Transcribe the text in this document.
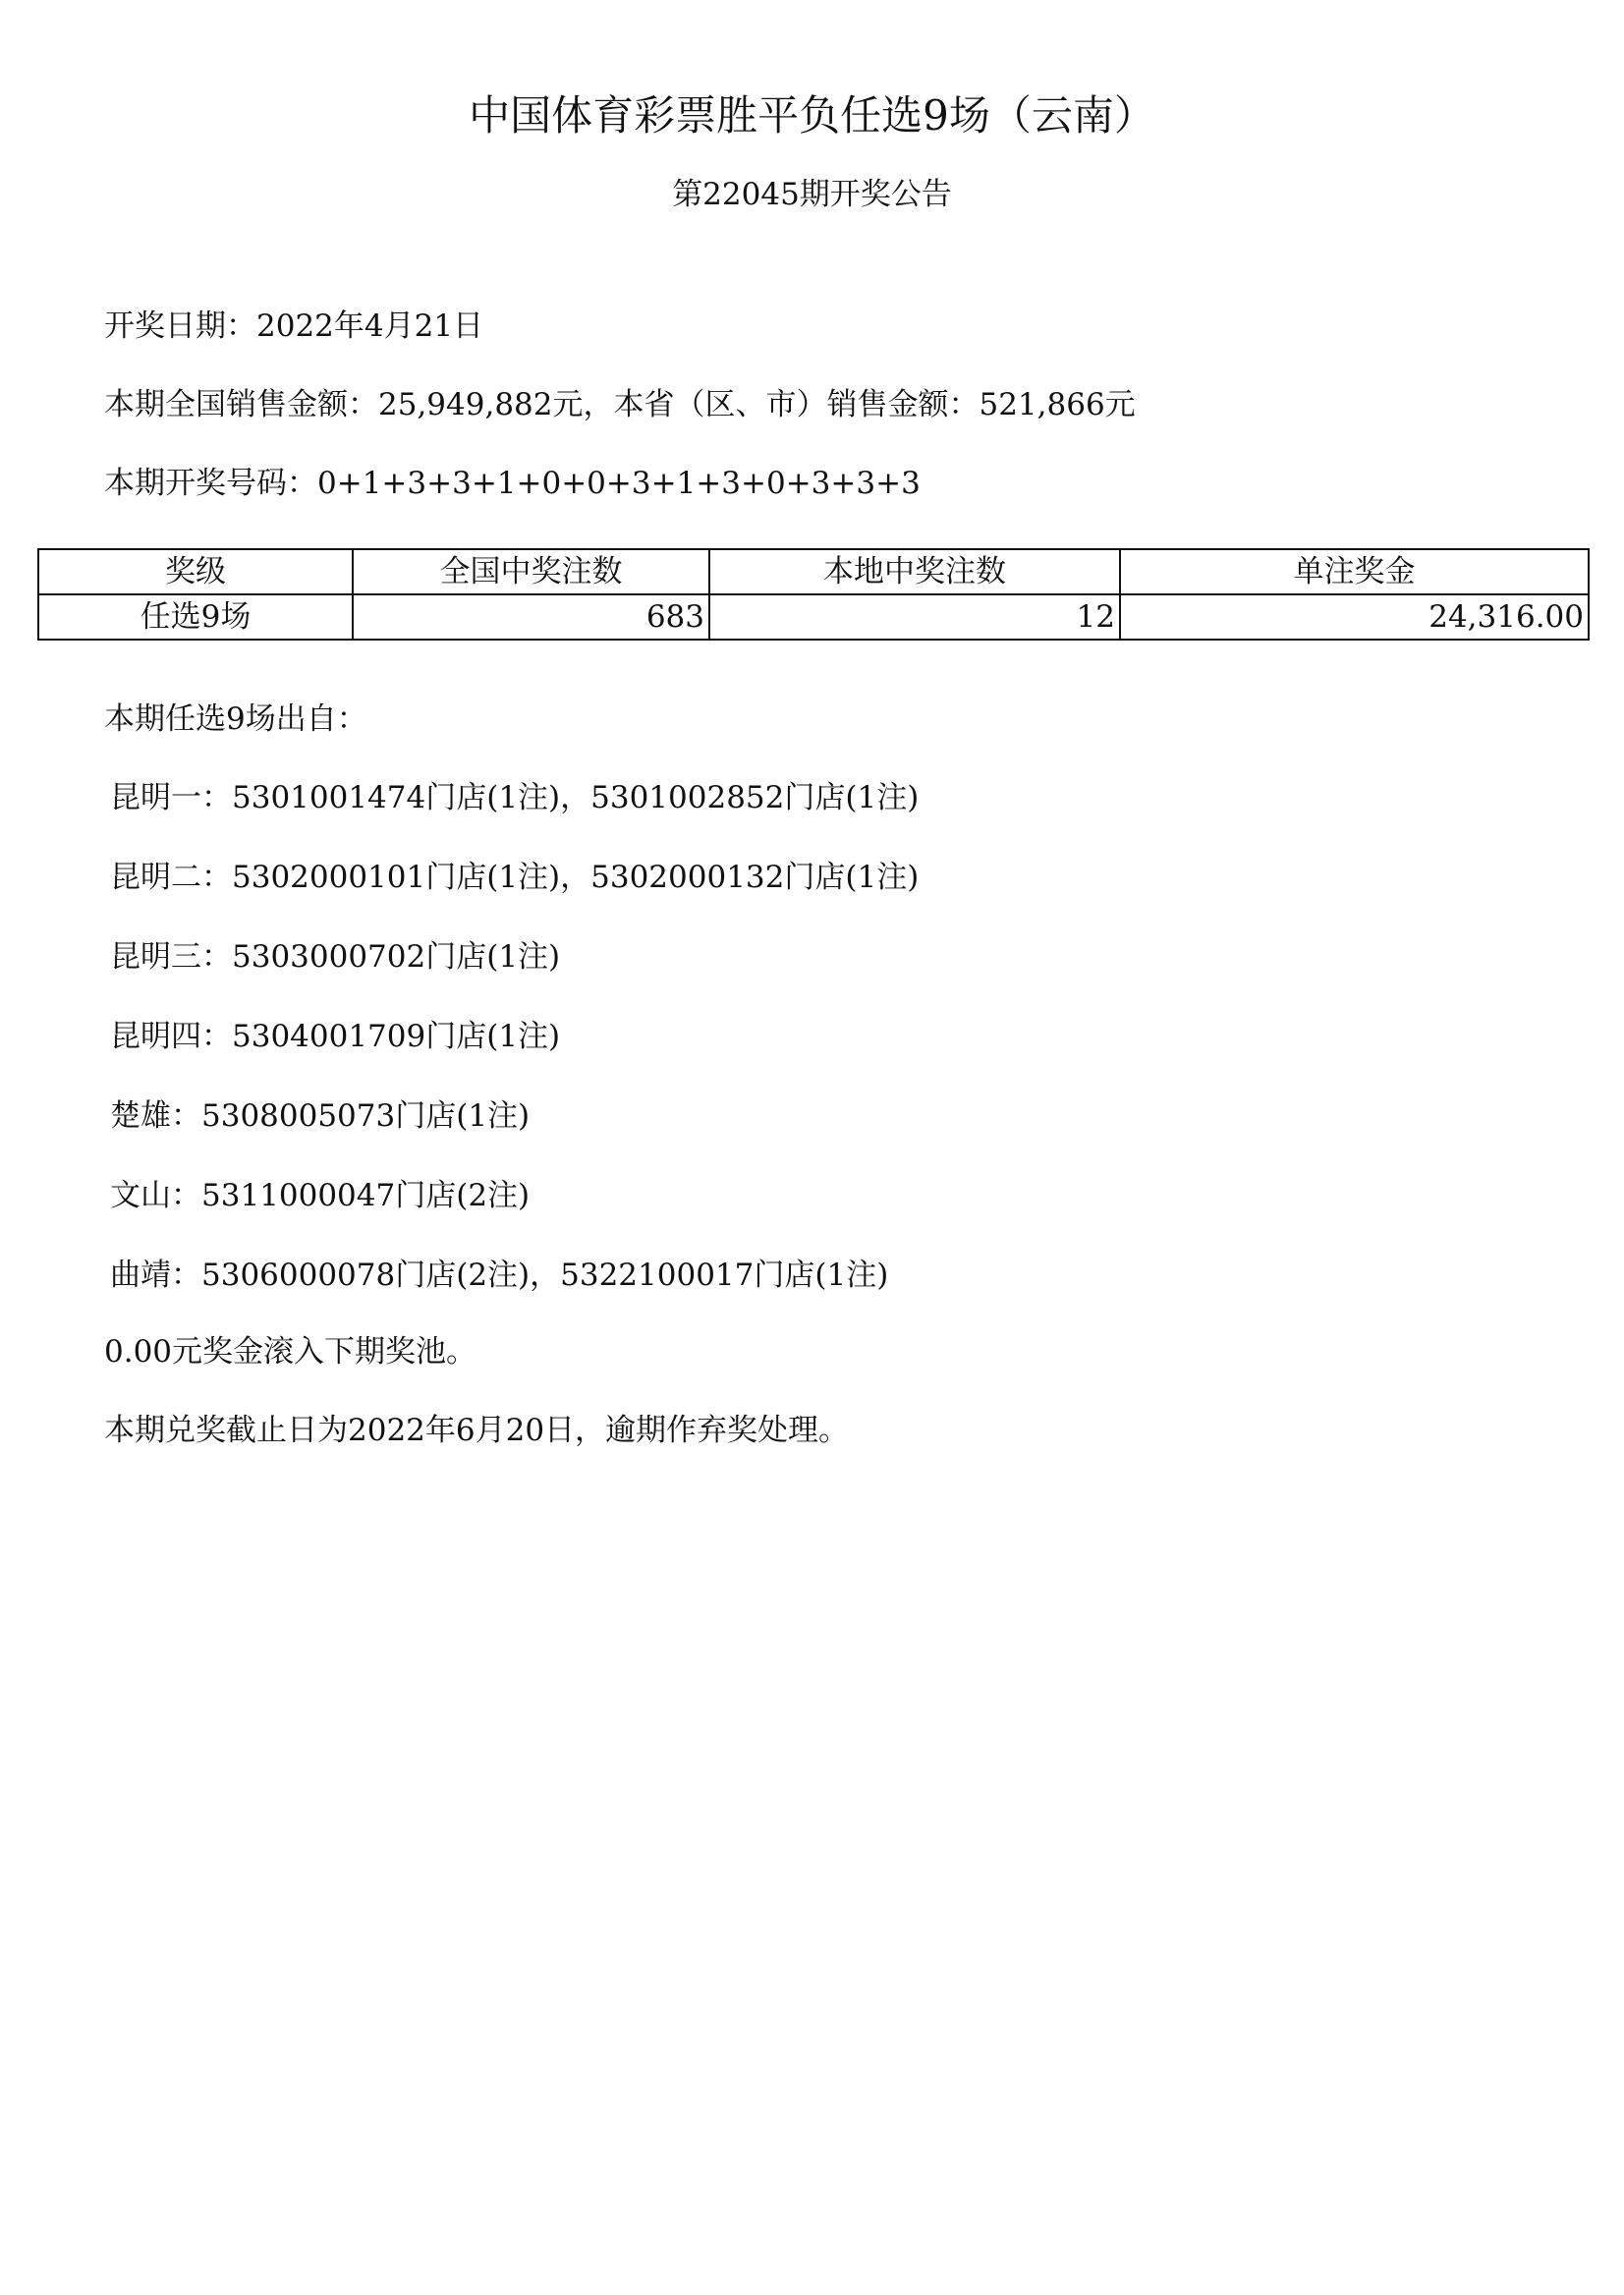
中国体育彩票胜平负任选9场（云南）
第22045期开奖公告
开奖日期：2022年4月21日
本期全国销售金额：25,949,882元，本省（区、市）销售金额：521,866元
本期开奖号码：0+1+3+3+1+0+0+3+1+3+0+3+3+3
奖级	全国中奖注数	本地中奖注数	单注奖金
任选9场	683	12	24,316.00
本期任选9场出自：
昆明一：5301001474门店(1注)，5301002852门店(1注)
昆明二：5302000101门店(1注)，5302000132门店(1注)
昆明三：5303000702门店(1注)
昆明四：5304001709门店(1注)
楚雄：5308005073门店(1注)
文山：5311000047门店(2注)
曲靖：5306000078门店(2注)，5322100017门店(1注)
0.00元奖金滚入下期奖池。
本期兑奖截止日为2022年6月20日，逾期作弃奖处理。
